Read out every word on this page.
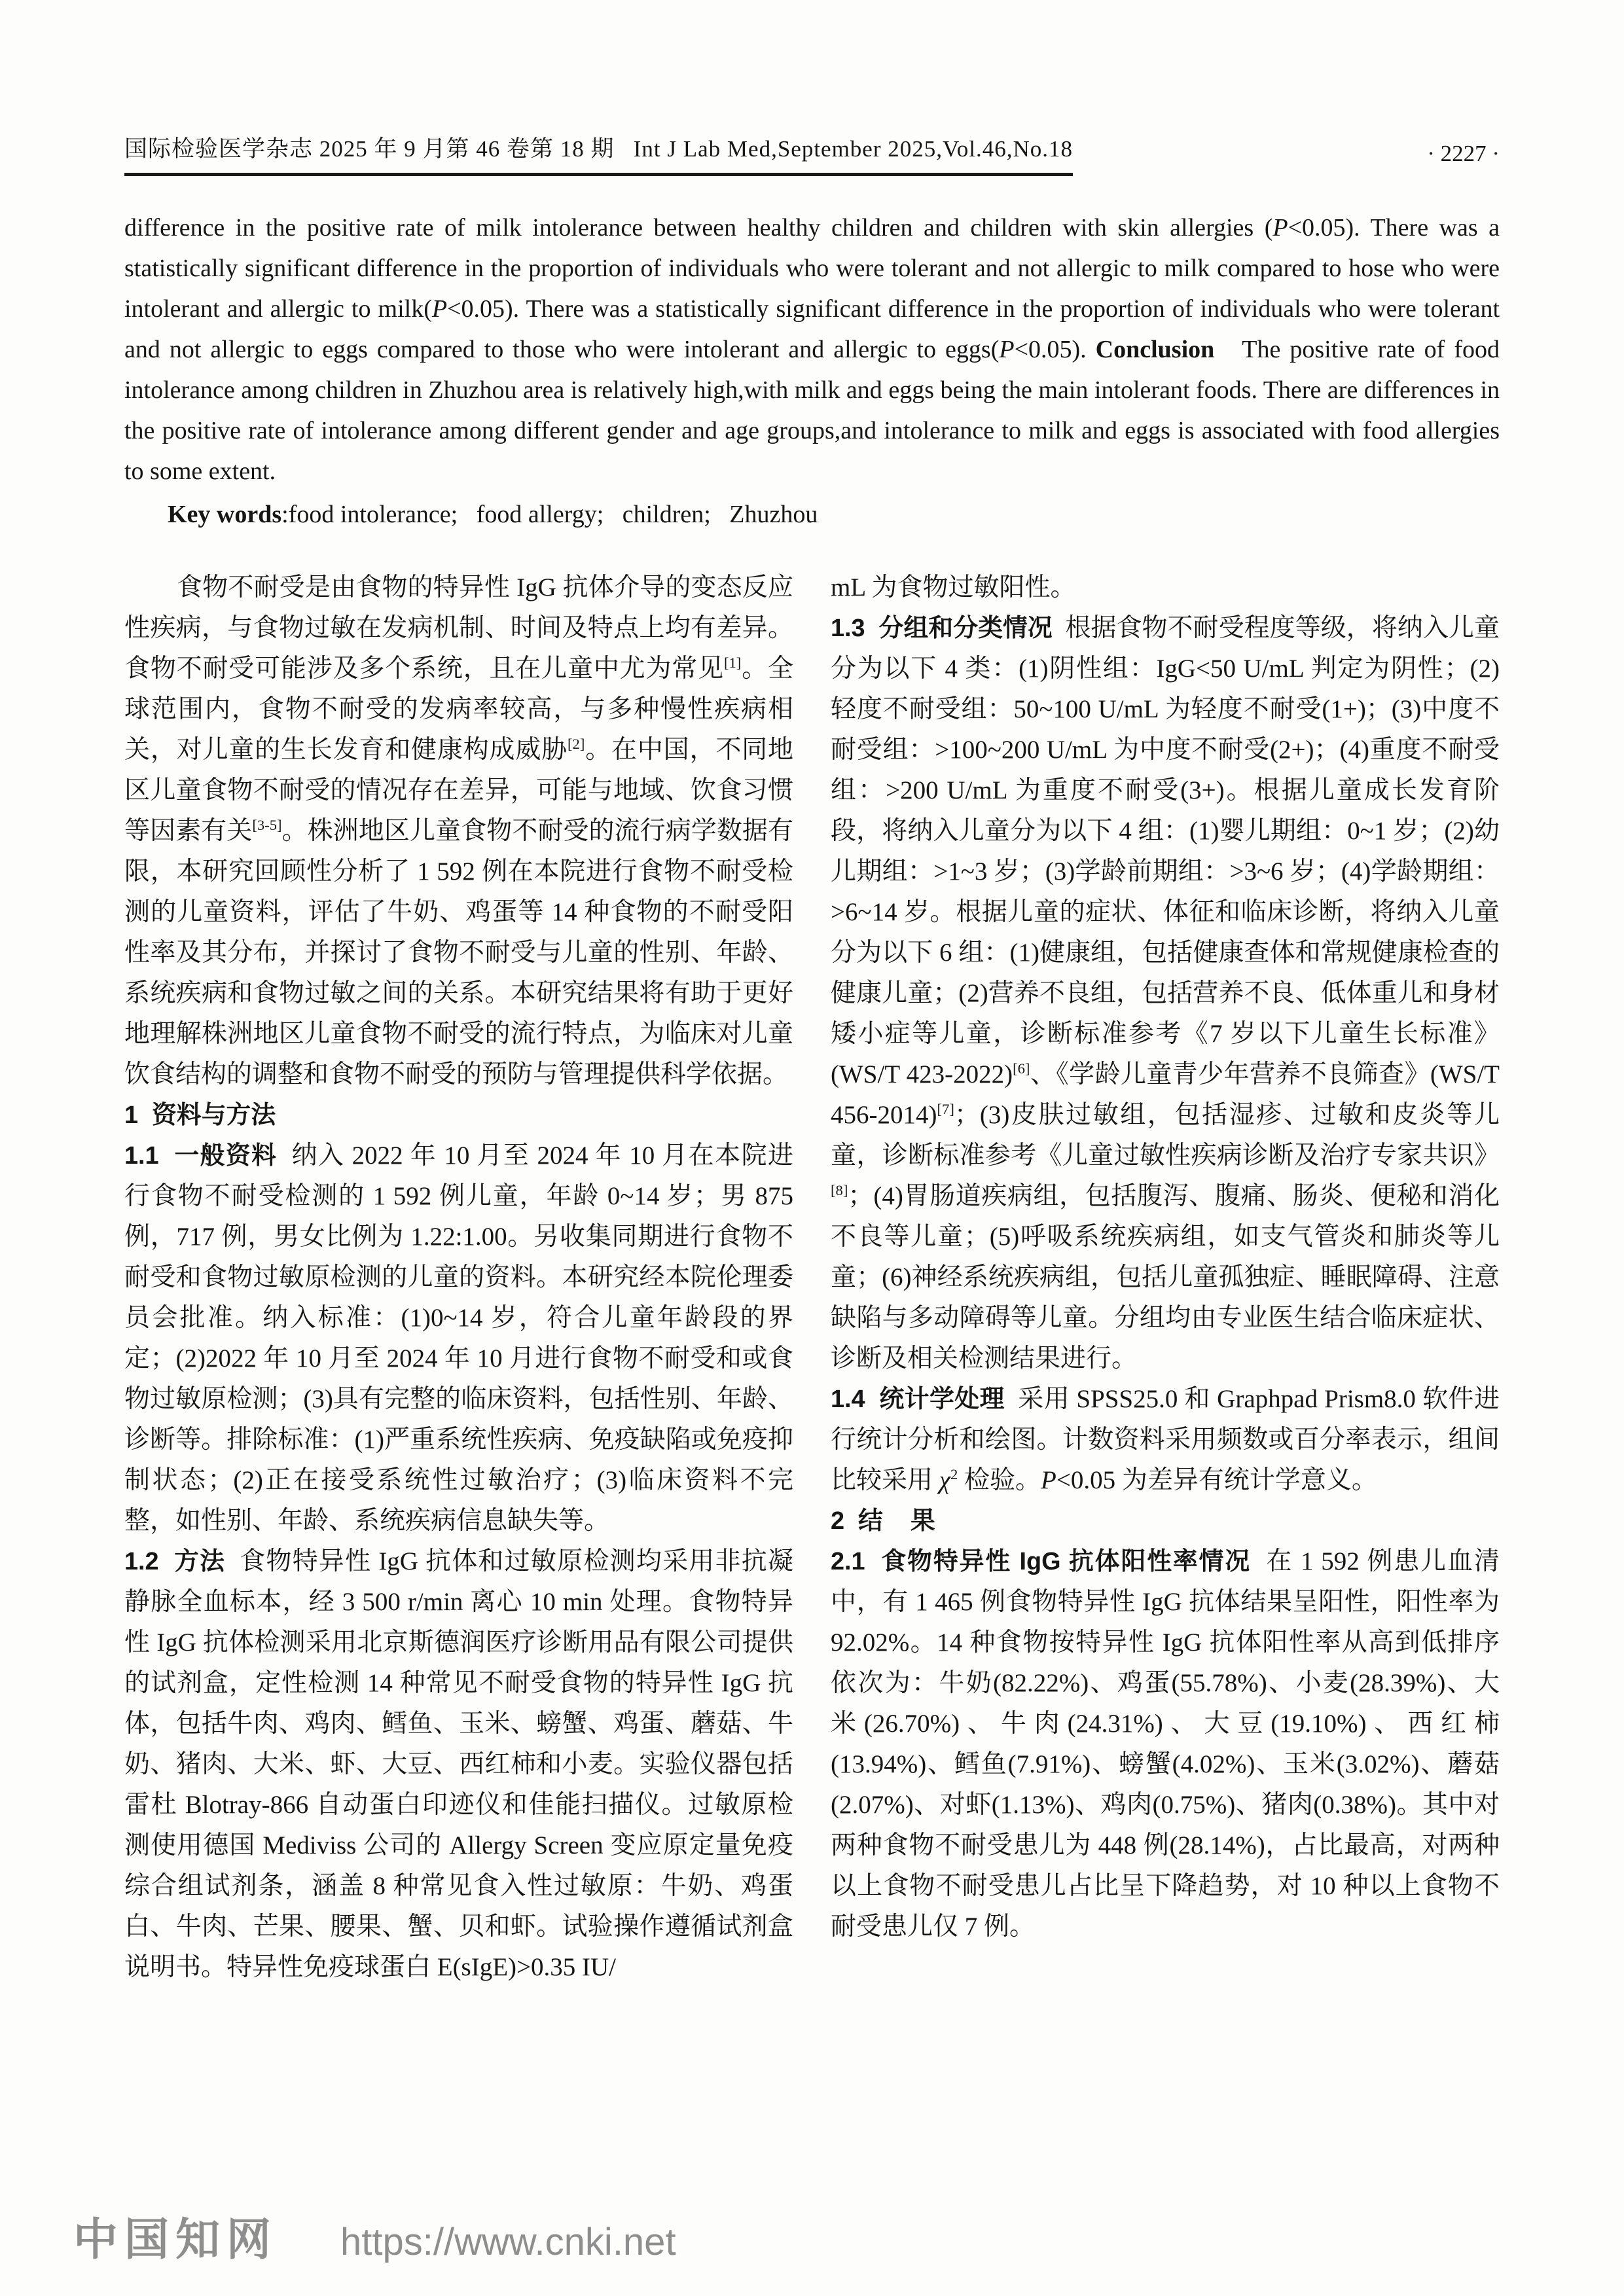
国际检验医学杂志 2025 年 9 月第 46 卷第 18 期   Int J Lab Med,September 2025,Vol.46,No.18	· 2227 ·
difference in the positive rate of milk intolerance between healthy children and children with skin allergies (P<0.05). There was a statistically significant difference in the proportion of individuals who were tolerant and not allergic to milk compared to hose who were intolerant and allergic to milk(P<0.05). There was a statistically significant difference in the proportion of individuals who were tolerant and not allergic to eggs compared to those who were intolerant and allergic to eggs(P<0.05). Conclusion   The positive rate of food intolerance among children in Zhuzhou area is relatively high,with milk and eggs being the main intolerant foods. There are differences in the positive rate of intolerance among different gender and age groups,and intolerance to milk and eggs is associated with food allergies to some extent.
Key words:food intolerance;   food allergy;   children;   Zhuzhou

食物不耐受是由食物的特异性 IgG 抗体介导的变态反应性疾病，与食物过敏在发病机制、时间及特点上均有差异。食物不耐受可能涉及多个系统，且在儿童中尤为常见[1]。全球范围内，食物不耐受的发病率较高，与多种慢性疾病相关，对儿童的生长发育和健康构成威胁[2]。在中国，不同地区儿童食物不耐受的情况存在差异，可能与地域、饮食习惯等因素有关[3-5]。株洲地区儿童食物不耐受的流行病学数据有限，本研究回顾性分析了 1 592 例在本院进行食物不耐受检测的儿童资料，评估了牛奶、鸡蛋等 14 种食物的不耐受阳性率及其分布，并探讨了食物不耐受与儿童的性别、年龄、系统疾病和食物过敏之间的关系。本研究结果将有助于更好地理解株洲地区儿童食物不耐受的流行特点，为临床对儿童饮食结构的调整和食物不耐受的预防与管理提供科学依据。

1  资料与方法

1.1  一般资料  纳入 2022 年 10 月至 2024 年 10 月在本院进行食物不耐受检测的 1 592 例儿童，年龄 0~14 岁；男 875 例，717 例，男女比例为 1.22:1.00。另收集同期进行食物不耐受和食物过敏原检测的儿童的资料。本研究经本院伦理委员会批准。纳入标准：(1)0~14 岁，符合儿童年龄段的界定；(2)2022 年 10 月至 2024 年 10 月进行食物不耐受和或食物过敏原检测；(3)具有完整的临床资料，包括性别、年龄、诊断等。排除标准：(1)严重系统性疾病、免疫缺陷或免疫抑制状态；(2)正在接受系统性过敏治疗；(3)临床资料不完整，如性别、年龄、系统疾病信息缺失等。

1.2  方法  食物特异性 IgG 抗体和过敏原检测均采用非抗凝静脉全血标本，经 3 500 r/min 离心 10 min 处理。食物特异性 IgG 抗体检测采用北京斯德润医疗诊断用品有限公司提供的试剂盒，定性检测 14 种常见不耐受食物的特异性 IgG 抗体，包括牛肉、鸡肉、鳕鱼、玉米、螃蟹、鸡蛋、蘑菇、牛奶、猪肉、大米、虾、大豆、西红柿和小麦。实验仪器包括雷杜 Blotray-866 自动蛋白印迹仪和佳能扫描仪。过敏原检测使用德国 Mediviss 公司的 Allergy Screen 变应原定量免疫综合组试剂条，涵盖 8 种常见食入性过敏原：牛奶、鸡蛋白、牛肉、芒果、腰果、蟹、贝和虾。试验操作遵循试剂盒说明书。特异性免疫球蛋白 E(sIgE)>0.35 IU/

mL 为食物过敏阳性。

1.3  分组和分类情况  根据食物不耐受程度等级，将纳入儿童分为以下 4 类：(1)阴性组：IgG<50 U/mL 判定为阴性；(2)轻度不耐受组：50~100 U/mL 为轻度不耐受(1+)；(3)中度不耐受组：>100~200 U/mL 为中度不耐受(2+)；(4)重度不耐受组：>200 U/mL 为重度不耐受(3+)。根据儿童成长发育阶段，将纳入儿童分为以下 4 组：(1)婴儿期组：0~1 岁；(2)幼儿期组：>1~3 岁；(3)学龄前期组：>3~6 岁；(4)学龄期组：>6~14 岁。根据儿童的症状、体征和临床诊断，将纳入儿童分为以下 6 组：(1)健康组，包括健康查体和常规健康检查的健康儿童；(2)营养不良组，包括营养不良、低体重儿和身材矮小症等儿童，诊断标准参考《7 岁以下儿童生长标准》(WS/T 423-2022)[6]、《学龄儿童青少年营养不良筛查》(WS/T 456-2014)[7]；(3)皮肤过敏组，包括湿疹、过敏和皮炎等儿童，诊断标准参考《儿童过敏性疾病诊断及治疗专家共识》[8]；(4)胃肠道疾病组，包括腹泻、腹痛、肠炎、便秘和消化不良等儿童；(5)呼吸系统疾病组，如支气管炎和肺炎等儿童；(6)神经系统疾病组，包括儿童孤独症、睡眠障碍、注意缺陷与多动障碍等儿童。分组均由专业医生结合临床症状、诊断及相关检测结果进行。

1.4  统计学处理  采用 SPSS25.0 和 Graphpad Prism8.0 软件进行统计分析和绘图。计数资料采用频数或百分率表示，组间比较采用 $\chi^2$ 检验。P<0.05 为差异有统计学意义。

2  结    果

2.1  食物特异性 IgG 抗体阳性率情况  在 1 592 例患儿血清中，有 1 465 例食物特异性 IgG 抗体结果呈阳性，阳性率为 92.02%。14 种食物按特异性 IgG 抗体阳性率从高到低排序依次为：牛奶(82.22%)、鸡蛋(55.78%)、小麦(28.39%)、大米(26.70%)、牛肉(24.31%)、大豆(19.10%)、西红柿(13.94%)、鳕鱼(7.91%)、螃蟹(4.02%)、玉米(3.02%)、蘑菇(2.07%)、对虾(1.13%)、鸡肉(0.75%)、猪肉(0.38%)。其中对两种食物不耐受患儿为 448 例(28.14%)，占比最高，对两种以上食物不耐受患儿占比呈下降趋势，对 10 种以上食物不耐受患儿仅 7 例。

中国知网 https://www.cnki.net
